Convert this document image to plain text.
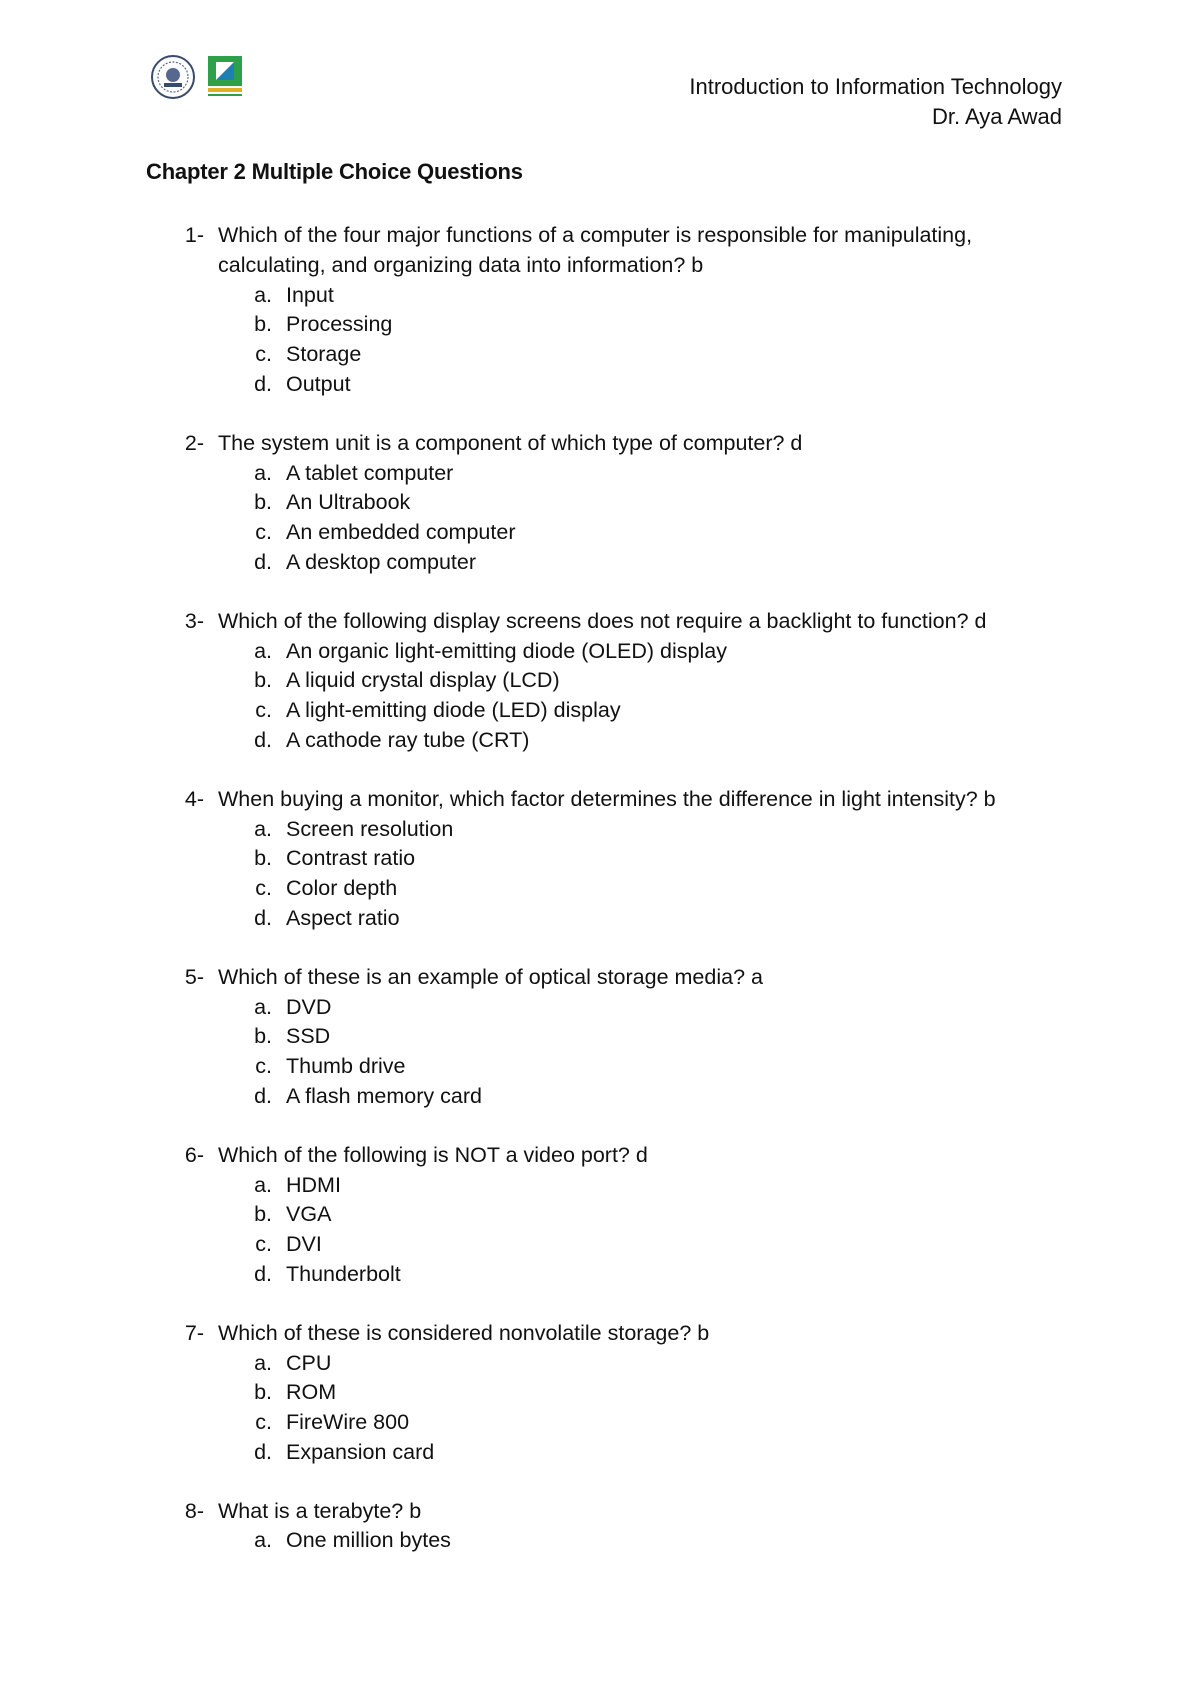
Introduction to Information Technology
Dr. Aya Awad
Chapter 2 Multiple Choice Questions
1- Which of the four major functions of a computer is responsible for manipulating, calculating, and organizing data into information? b
a. Input
b. Processing
c. Storage
d. Output
2- The system unit is a component of which type of computer? d
a. A tablet computer
b. An Ultrabook
c. An embedded computer
d. A desktop computer
3- Which of the following display screens does not require a backlight to function? d
a. An organic light-emitting diode (OLED) display
b. A liquid crystal display (LCD)
c. A light-emitting diode (LED) display
d. A cathode ray tube (CRT)
4- When buying a monitor, which factor determines the difference in light intensity? b
a. Screen resolution
b. Contrast ratio
c. Color depth
d. Aspect ratio
5- Which of these is an example of optical storage media? a
a. DVD
b. SSD
c. Thumb drive
d. A flash memory card
6- Which of the following is NOT a video port? d
a. HDMI
b. VGA
c. DVI
d. Thunderbolt
7- Which of these is considered nonvolatile storage? b
a. CPU
b. ROM
c. FireWire 800
d. Expansion card
8- What is a terabyte? b
a. One million bytes
